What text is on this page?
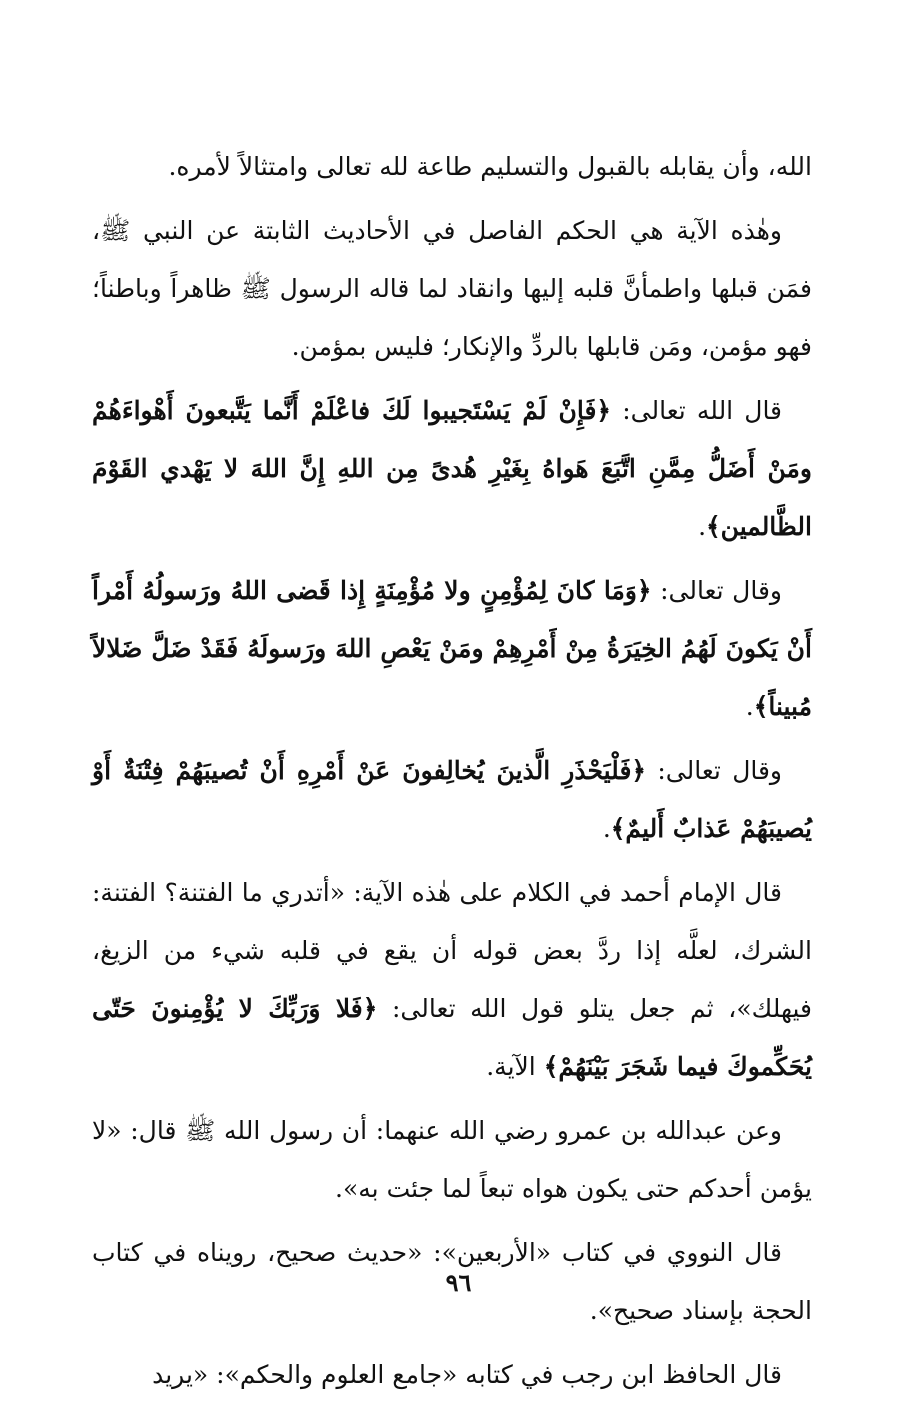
الله، وأن يقابله بالقبول والتسليم طاعة لله تعالى وامتثالاً لأمره.

وهٰذه الآية هي الحكم الفاصل في الأحاديث الثابتة عن النبي ﷺ، فمَن قبلها واطمأنَّ قلبه إليها وانقاد لما قاله الرسول ﷺ ظاهراً وباطناً؛ فهو مؤمن، ومَن قابلها بالردِّ والإنكار؛ فليس بمؤمن.

قال الله تعالى: ﴿فَإِنْ لَمْ يَسْتَجيبوا لَكَ فاعْلَمْ أَنَّما يَتَّبعونَ أَهْواءَهُمْ ومَنْ أَضَلُّ مِمَّنِ اتَّبَعَ هَواهُ بِغَيْرِ هُدىً مِن اللهِ إِنَّ اللهَ لا يَهْدي القَوْمَ الظَّالمين﴾.

وقال تعالى: ﴿وَمَا كانَ لِمُؤْمِنٍ ولا مُؤْمِنَةٍ إِذا قَضى اللهُ ورَسولُهُ أَمْراً أَنْ يَكونَ لَهُمُ الخِيَرَةُ مِنْ أَمْرِهِمْ ومَنْ يَعْصِ اللهَ ورَسولَهُ فَقَدْ ضَلَّ ضَلالاً مُبيناً﴾.

وقال تعالى: ﴿فَلْيَحْذَرِ الَّذينَ يُخالِفونَ عَنْ أَمْرِهِ أَنْ تُصيبَهُمْ فِتْنَةٌ أَوْ يُصيبَهُمْ عَذابٌ أَليمٌ﴾.

قال الإمام أحمد في الكلام على هٰذه الآية: «أتدري ما الفتنة؟ الفتنة: الشرك، لعلَّه إذا ردَّ بعض قوله أن يقع في قلبه شيء من الزيغ، فيهلك»، ثم جعل يتلو قول الله تعالى: ﴿فَلا وَرَبِّكَ لا يُؤْمِنونَ حَتّى يُحَكِّموكَ فيما شَجَرَ بَيْنَهُمْ﴾ الآية.

وعن عبدالله بن عمرو رضي الله عنهما: أن رسول الله ﷺ قال: «لا يؤمن أحدكم حتى يكون هواه تبعاً لما جئت به».

قال النووي في كتاب «الأربعين»: «حديث صحيح، رويناه في كتاب الحجة بإسناد صحيح».

قال الحافظ ابن رجب في كتابه «جامع العلوم والحكم»: «يريد

٩٦
